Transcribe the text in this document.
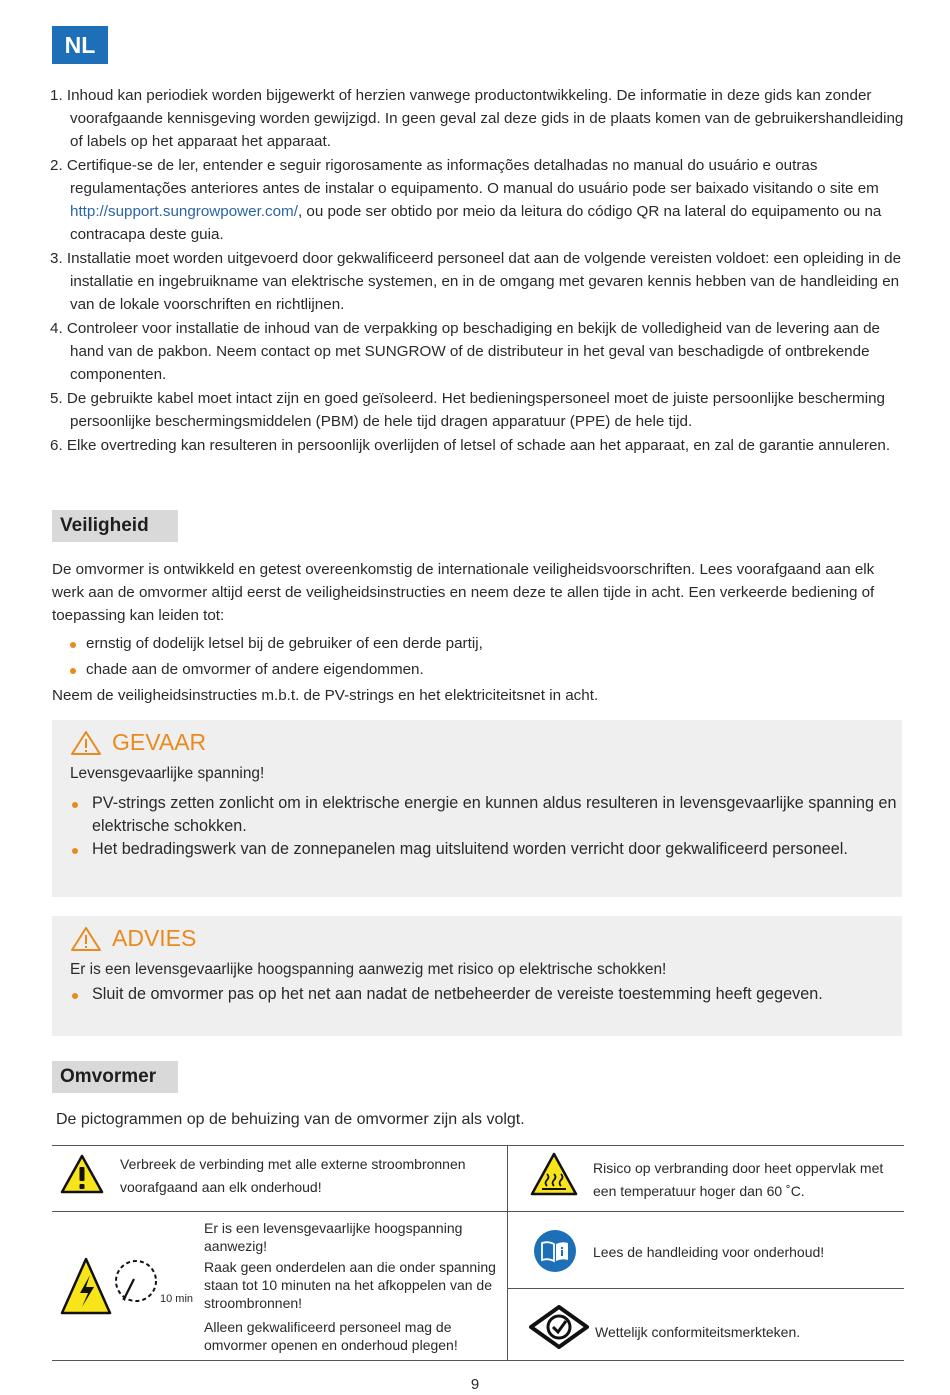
NL
1. Inhoud kan periodiek worden bijgewerkt of herzien vanwege productontwikkeling. De informatie in deze gids kan zonder voorafgaande kennisgeving worden gewijzigd. In geen geval zal deze gids in de plaats komen van de gebruikershandleiding of labels op het apparaat het apparaat.
2. Certifique-se de ler, entender e seguir rigorosamente as informações detalhadas no manual do usuário e outras regulamentações anteriores antes de instalar o equipamento. O manual do usuário pode ser baixado visitando o site em http://support.sungrowpower.com/, ou pode ser obtido por meio da leitura do código QR na lateral do equipamento ou na contracapa deste guia.
3. Installatie moet worden uitgevoerd door gekwalificeerd personeel dat aan de volgende vereisten voldoet: een opleiding in de installatie en ingebruikname van elektrische systemen, en in de omgang met gevaren kennis hebben van de handleiding en van de lokale voorschriften en richtlijnen.
4. Controleer voor installatie de inhoud van de verpakking op beschadiging en bekijk de volledigheid van de levering aan de hand van de pakbon. Neem contact op met SUNGROW of de distributeur in het geval van beschadigde of ontbrekende componenten.
5. De gebruikte kabel moet intact zijn en goed geïsoleerd. Het bedieningspersoneel moet de juiste persoonlijke bescherming persoonlijke beschermingsmiddelen (PBM) de hele tijd dragen apparatuur (PPE) de hele tijd.
6. Elke overtreding kan resulteren in persoonlijk overlijden of letsel of schade aan het apparaat, en zal de garantie annuleren.
Veiligheid
De omvormer is ontwikkeld en getest overeenkomstig de internationale veiligheidsvoorschriften. Lees voorafgaand aan elk werk aan de omvormer altijd eerst de veiligheidsinstructies en neem deze te allen tijde in acht. Een verkeerde bediening of toepassing kan leiden tot:
ernstig of dodelijk letsel bij de gebruiker of een derde partij,
chade aan de omvormer of andere eigendommen.
Neem de veiligheidsinstructies m.b.t. de PV-strings en het elektriciteitsnet in acht.
GEVAAR
Levensgevaarlijke spanning!
PV-strings zetten zonlicht om in elektrische energie en kunnen aldus resulteren in levensgevaarlijke spanning en elektrische schokken.
Het bedradingswerk van de zonnepanelen mag uitsluitend worden verricht door gekwalificeerd personeel.
ADVIES
Er is een levensgevaarlijke hoogspanning aanwezig met risico op elektrische schokken!
Sluit de omvormer pas op het net aan nadat de netbeheerder de vereiste toestemming heeft gegeven.
Omvormer
De pictogrammen op de behuizing van de omvormer zijn als volgt.
Verbreek de verbinding met alle externe stroombronnen voorafgaand aan elk onderhoud!
Risico op verbranding door heet oppervlak met een temperatuur hoger dan 60 ˚C.
10 min
Er is een levensgevaarlijke hoogspanning aanwezig!
Raak geen onderdelen aan die onder spanning staan tot 10 minuten na het afkoppelen van de stroombronnen!
Alleen gekwalificeerd personeel mag de omvormer openen en onderhoud plegen!
Lees de handleiding voor onderhoud!
Wettelijk conformiteitsmerkteken.
9
